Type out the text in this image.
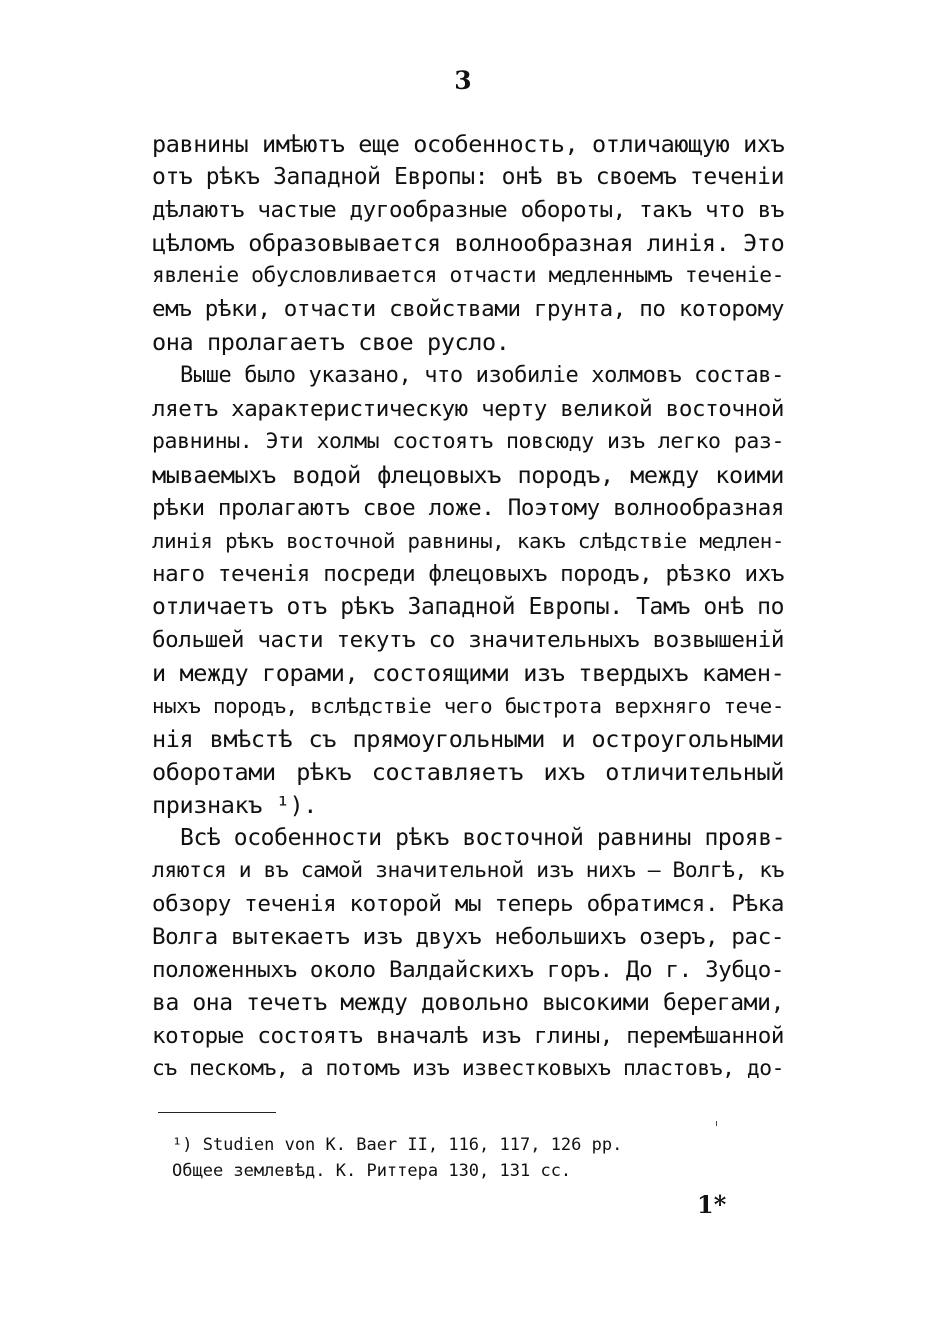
3
равнины имѣютъ еще особенность, отличающую ихъ
отъ рѣкъ Западной Европы: онѣ въ своемъ теченіи
дѣлаютъ частые дугообразные обороты, такъ что въ
цѣломъ образовывается волнообразная линія. Это
явленіе обусловливается отчасти медленнымъ теченіе-
емъ рѣки, отчасти свойствами грунта, по которому
она пролагаетъ свое русло.
Выше было указано, что изобиліе холмовъ состав-
ляетъ характеристическую черту великой восточной
равнины. Эти холмы состоятъ повсюду изъ легко раз-
мываемыхъ водой флецовыхъ породъ, между коими
рѣки пролагаютъ свое ложе. Поэтому волнообразная
линія рѣкъ восточной равнины, какъ слѣдствіе медлен-
наго теченія посреди флецовыхъ породъ, рѣзко ихъ
отличаетъ отъ рѣкъ Западной Европы. Тамъ онѣ по
большей части текутъ со значительныхъ возвышеній
и между горами, состоящими изъ твердыхъ камен-
ныхъ породъ, вслѣдствіе чего быстрота верхняго тече-
нія вмѣстѣ съ прямоугольными и остроугольными
оборотами рѣкъ составляетъ ихъ отличительный
признакъ ¹).
Всѣ особенности рѣкъ восточной равнины прояв-
ляются и въ самой значительной изъ нихъ — Волгѣ, къ
обзору теченія которой мы теперь обратимся. Рѣка
Волга вытекаетъ изъ двухъ небольшихъ озеръ, рас-
положенныхъ около Валдайскихъ горъ. До г. Зубцо-
ва она течетъ между довольно высокими берегами,
которые состоятъ вначалѣ изъ глины, перемѣшанной
съ пескомъ, а потомъ изъ известковыхъ пластовъ, до-
¹) Studien von K. Baer II, 116, 117, 126 pp.
Общее землевѣд. К. Риттера 130, 131 сс.
1*
